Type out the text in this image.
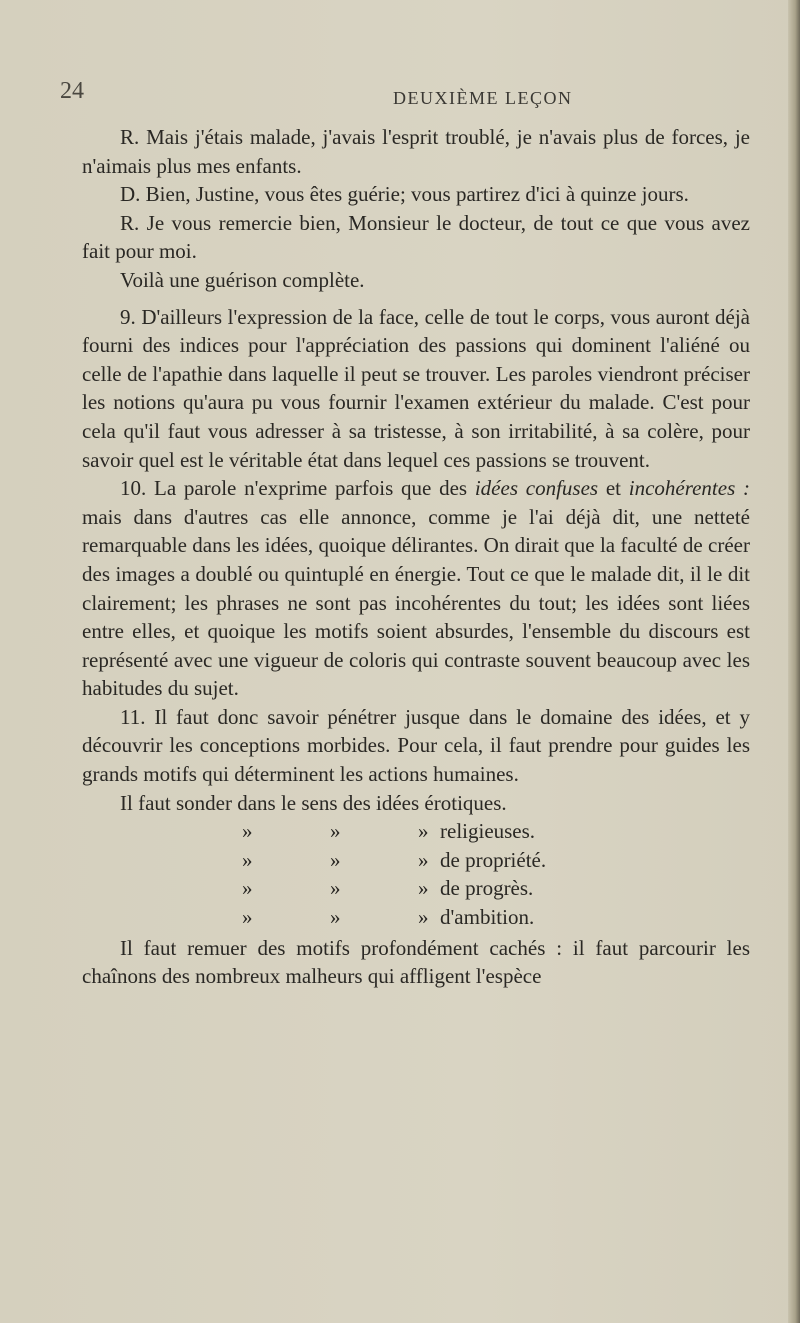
24	DEUXIÈME LEÇON

R. Mais j'étais malade, j'avais l'esprit troublé, je n'avais plus de forces, je n'aimais plus mes enfants.

D. Bien, Justine, vous êtes guérie; vous partirez d'ici à quinze jours.

R. Je vous remercie bien, Monsieur le docteur, de tout ce que vous avez fait pour moi.

Voilà une guérison complète.

9. D'ailleurs l'expression de la face, celle de tout le corps, vous auront déjà fourni des indices pour l'appréciation des passions qui dominent l'aliéné ou celle de l'apathie dans laquelle il peut se trouver. Les paroles viendront préciser les notions qu'aura pu vous fournir l'examen extérieur du malade. C'est pour cela qu'il faut vous adresser à sa tristesse, à son irritabilité, à sa colère, pour savoir quel est le véritable état dans lequel ces passions se trouvent.

10. La parole n'exprime parfois que des idées confuses et incohérentes : mais dans d'autres cas elle annonce, comme je l'ai déjà dit, une netteté remarquable dans les idées, quoique délirantes. On dirait que la faculté de créer des images a doublé ou quintuplé en énergie. Tout ce que le malade dit, il le dit clairement; les phrases ne sont pas incohérentes du tout; les idées sont liées entre elles, et quoique les motifs soient absurdes, l'ensemble du discours est représenté avec une vigueur de coloris qui contraste souvent beaucoup avec les habitudes du sujet.

11. Il faut donc savoir pénétrer jusque dans le domaine des idées, et y découvrir les conceptions morbides. Pour cela, il faut prendre pour guides les grands motifs qui déterminent les actions humaines.

Il faut sonder dans le sens des idées érotiques.

»	»	» religieuses.
»	»	» de propriété.
»	»	» de progrès.
»	»	» d'ambition.

Il faut remuer des motifs profondément cachés : il faut parcourir les chaînons des nombreux malheurs qui affligent l'espèce
